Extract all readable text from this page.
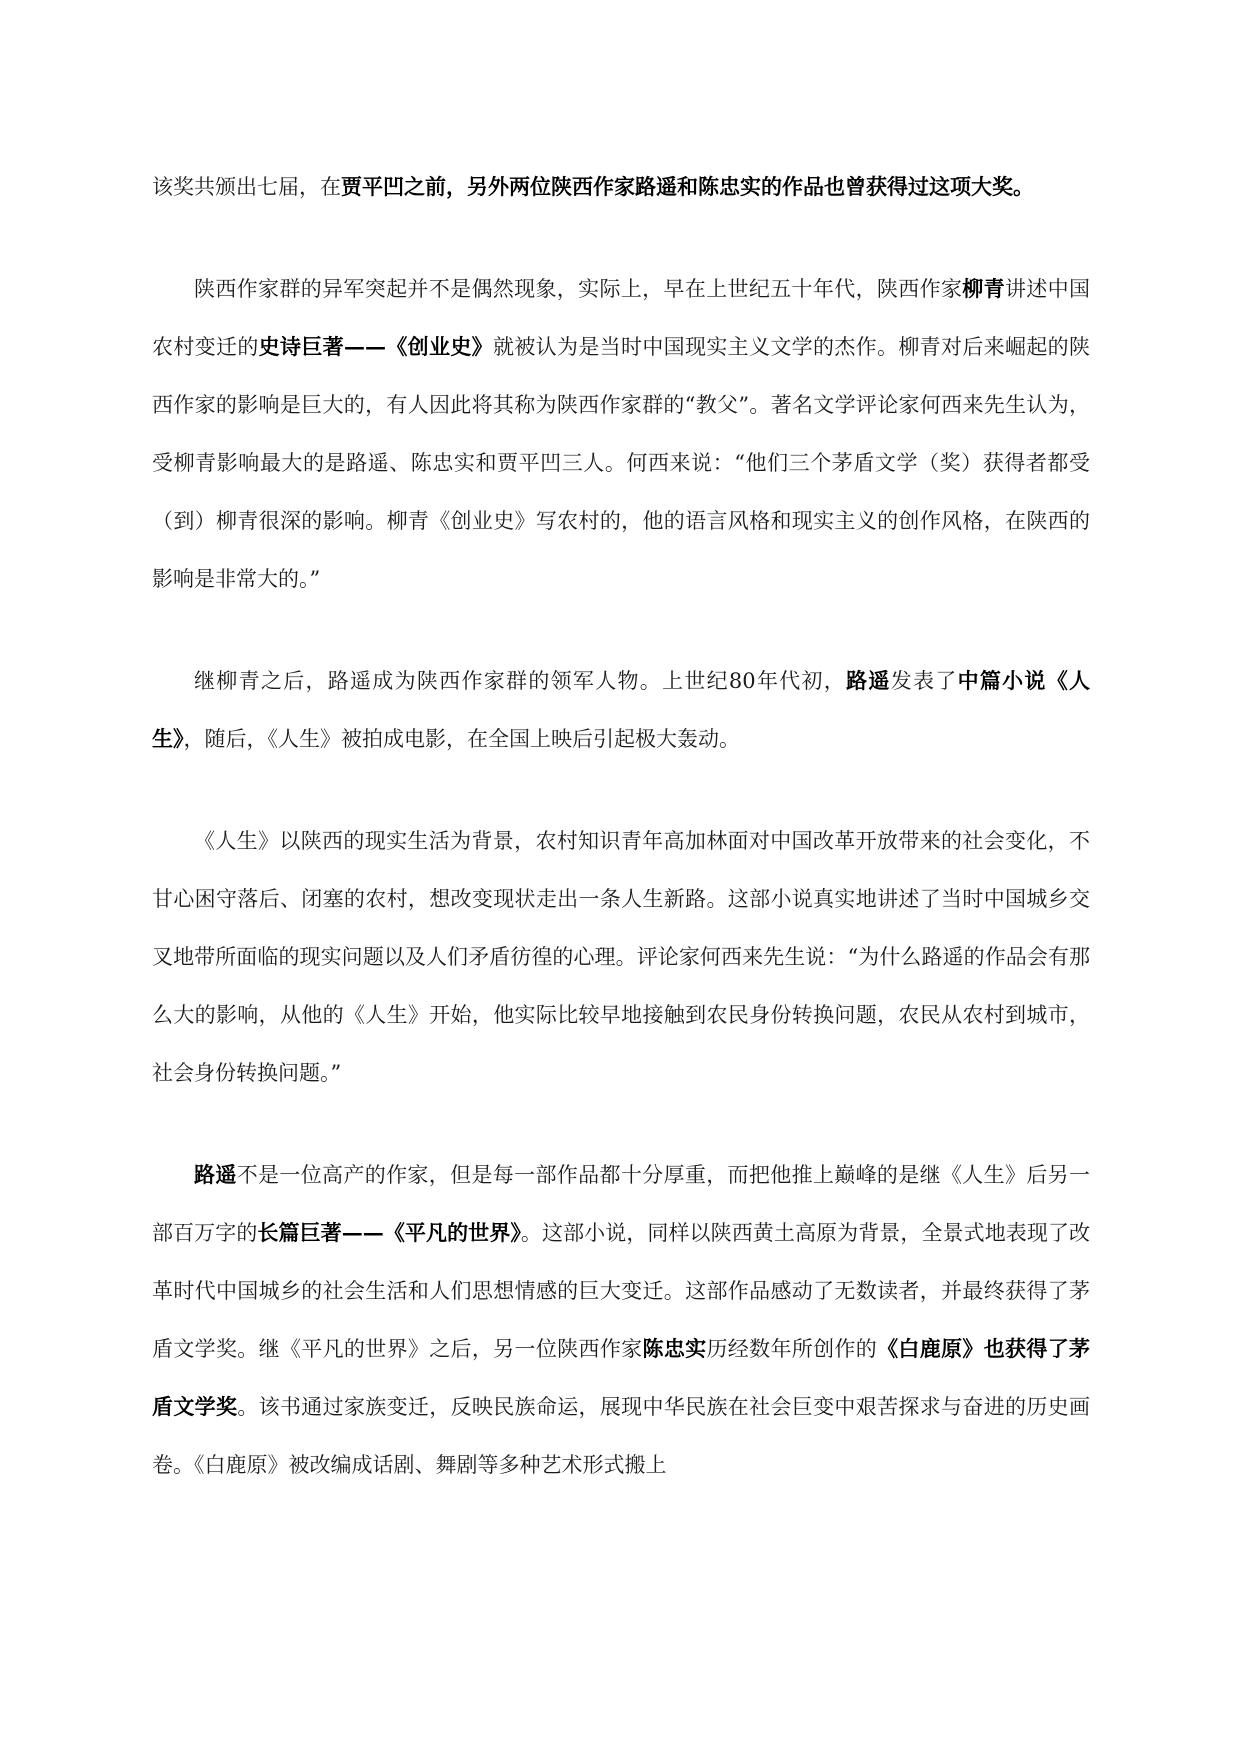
该奖共颁出七届，在贾平凹之前，另外两位陕西作家路遥和陈忠实的作品也曾获得过这项大奖。

陕西作家群的异军突起并不是偶然现象，实际上，早在上世纪五十年代，陕西作家柳青讲述中国农村变迁的史诗巨著——《创业史》就被认为是当时中国现实主义文学的杰作。柳青对后来崛起的陕西作家的影响是巨大的，有人因此将其称为陕西作家群的“教父”。著名文学评论家何西来先生认为，受柳青影响最大的是路遥、陈忠实和贾平凹三人。何西来说：“他们三个茅盾文学（奖）获得者都受（到）柳青很深的影响。柳青《创业史》写农村的，他的语言风格和现实主义的创作风格，在陕西的影响是非常大的。”

继柳青之后，路遥成为陕西作家群的领军人物。上世纪80年代初，路遥发表了中篇小说《人生》，随后，《人生》被拍成电影，在全国上映后引起极大轰动。

《人生》以陕西的现实生活为背景，农村知识青年高加林面对中国改革开放带来的社会变化，不甘心困守落后、闭塞的农村，想改变现状走出一条人生新路。这部小说真实地讲述了当时中国城乡交叉地带所面临的现实问题以及人们矛盾彷徨的心理。评论家何西来先生说：“为什么路遥的作品会有那么大的影响，从他的《人生》开始，他实际比较早地接触到农民身份转换问题，农民从农村到城市，社会身份转换问题。”

路遥不是一位高产的作家，但是每一部作品都十分厚重，而把他推上巅峰的是继《人生》后另一部百万字的长篇巨著——《平凡的世界》。这部小说，同样以陕西黄土高原为背景，全景式地表现了改革时代中国城乡的社会生活和人们思想情感的巨大变迁。这部作品感动了无数读者，并最终获得了茅盾文学奖。继《平凡的世界》之后，另一位陕西作家陈忠实历经数年所创作的《白鹿原》也获得了茅盾文学奖。该书通过家族变迁，反映民族命运，展现中华民族在社会巨变中艰苦探求与奋进的历史画卷。《白鹿原》被改编成话剧、舞剧等多种艺术形式搬上
